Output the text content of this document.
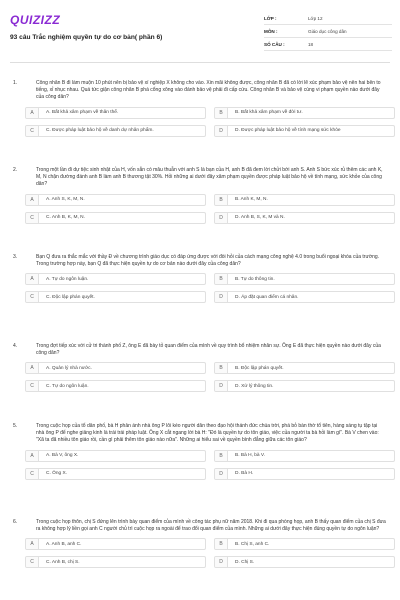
QUIZIZZ
93 câu Trắc nghiệm quyền tự do cơ bản( phần 6)
LỚP :	Lớp 12
MÔN :	Giáo dục công dân
SỐ CÂU :	18
1.	Công nhân B đi làm muộn 10 phút nên bị bảo vệ xí nghiệp X không cho vào. Xin mãi không được, công nhân B đã có lời lẽ xúc phạm bảo vệ nên hai bên to tiếng, xỉ nhục nhau. Quá tức giận công nhân B phá cổng xông vào đánh bảo vệ phải đi cấp cứu. Công nhân B và bảo vệ cùng vi phạm quyền nào dưới đây của công dân?
A	A. Bất khả xâm phạm về thân thể.	B	B. Bất khả xâm phạm về đời tư.
C	C. Được pháp luật bảo hộ về danh dự nhân phẩm.	D	D. Được pháp luật bảo hộ về tính mạng sức khỏe
2.	Trong một lần đi dự tiệc sinh nhật của H, vốn sẵn có mâu thuẫn với anh S là bạn của H, anh B đã đem lời chửi bới anh S. Anh S bức xúc rủ thêm các anh K, M, N chặn đường đánh anh B làm anh B thương tật 30%. Hỏi những ai dưới đây xâm phạm quyền được pháp luật bảo hộ về tính mạng, sức khỏe của công dân?
A	A. Anh S, K, M, N.	B	B. Anh K, M, N.
C	C. Anh B, K, M, N.	D	D. Anh B, S, K, M và N.
3.	Bạn Q đưa ra thắc mắc với thầy Đ về chương trình giáo dục có đáp ứng được với đòi hỏi của cách mạng công nghệ 4.0 trong buổi ngoại khóa của trường. Trong trường hợp này, bạn Q đã thực hiện quyền tự do cơ bản nào dưới đây của công dân?
A	A. Tự do ngôn luận.	B	B. Tự do thông tin.
C	C. Độc lập phán quyết.	D	D. Áp đặt quan điểm cá nhân.
4.	Trong đợt tiếp xúc với cử tri thành phố Z, ông E đã bày tỏ quan điểm của mình về quy trình bổ nhiệm nhân sự. Ông E đã thực hiện quyền nào dưới đây của công dân?
A	A. Quản lý nhà nước.	B	B. Độc lập phán quyết.
C	C. Tự do ngôn luận.	D	D. Xử lý thông tin.
5.	Trong cuộc họp của tổ dân phố, bà H phản ánh nhà ông P lôi kéo người dân theo đạo hội thánh đức chúa trời, phá bỏ bàn thờ tổ tiên, hàng sáng tụ tập tại nhà ông P để nghe giảng kinh là trái trái pháp luật. Ông X cắt ngang lời bà H: "Đó là quyền tự do tôn giáo, việc của người ta bà hỏi làm gì". Bà V chen vào: "Xã ta đã nhiều tôn giáo rồi, cần gì phải thêm tôn giáo nào nữa". Những ai hiểu sai về quyền bình đẳng giữa các tôn giáo?
A	A. Bà V, ông X.	B	B. Bà H, bà V.
C	C. Ông X.	D	D. Bà H.
6.	Trong cuộc họp thôn, chị S đứng lên trình bày quan điểm của mình về công tác phụ nữ năm 2018. Khi đi qua phòng họp, anh B thấy quan điểm của chị S đưa ra không hợp lý liền gọi anh C người chủ trì cuộc họp ra ngoài để trao đổi quan điểm của mình. Những ai dưới đây thực hiện đúng quyền tự do ngôn luận?
A	A. Anh B, anh C.	B	B. Chị S, anh C.
C	C. Anh B, chị S.	D	D. Chị S.
